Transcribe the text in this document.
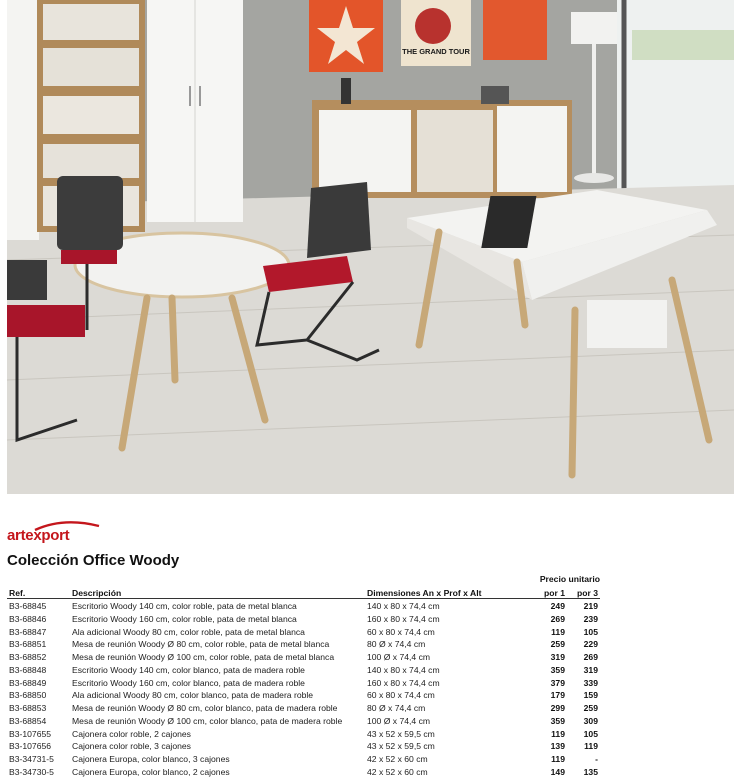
THE GRAND TOUR
artexport
Colección Office Woody
Precio unitario
Ref.	Descripción	Dimensiones An x Prof x Alt	por 1 por 3
B3-68845	Escritorio Woody 140 cm, color roble, pata de metal blanca	140 x 80 x 74,4 cm	249 219
B3-68846	Escritorio Woody 160 cm, color roble, pata de metal blanca	160 x 80 x 74,4 cm	269 239
B3-68847	Ala adicional Woody 80 cm, color roble, pata de metal blanca	60 x 80 x 74,4 cm	119 105
B3-68851	Mesa de reunión Woody Ø 80 cm, color roble, pata de metal blanca	80 Ø x 74,4 cm	259 229
B3-68852	Mesa de reunión Woody Ø 100 cm, color roble, pata de metal blanca	100 Ø x 74,4 cm	319 269
B3-68848	Escritorio Woody 140 cm, color blanco, pata de madera roble	140 x 80 x 74,4 cm	359 319
B3-68849	Escritorio Woody 160 cm, color blanco, pata de madera roble	160 x 80 x 74,4 cm	379 339
B3-68850	Ala adicional Woody 80 cm, color blanco, pata de madera roble	60 x 80 x 74,4 cm	179 159
B3-68853	Mesa de reunión Woody Ø 80 cm, color blanco, pata de madera roble	80 Ø x 74,4 cm	299 259
B3-68854	Mesa de reunión Woody Ø 100 cm, color blanco, pata de madera roble	100 Ø x 74,4 cm	359 309
B3-107655 Cajonera color roble, 2 cajones	43 x 52 x 59,5 cm	119 105
B3-107656 Cajonera color roble, 3 cajones	43 x 52 x 59,5 cm	139 119
B3-34731-5 Cajonera Europa, color blanco, 3 cajones	42 x 52 x 60 cm	119	-
B3-34730-5 Cajonera Europa, color blanco, 2 cajones	42 x 52 x 60 cm	149 135
